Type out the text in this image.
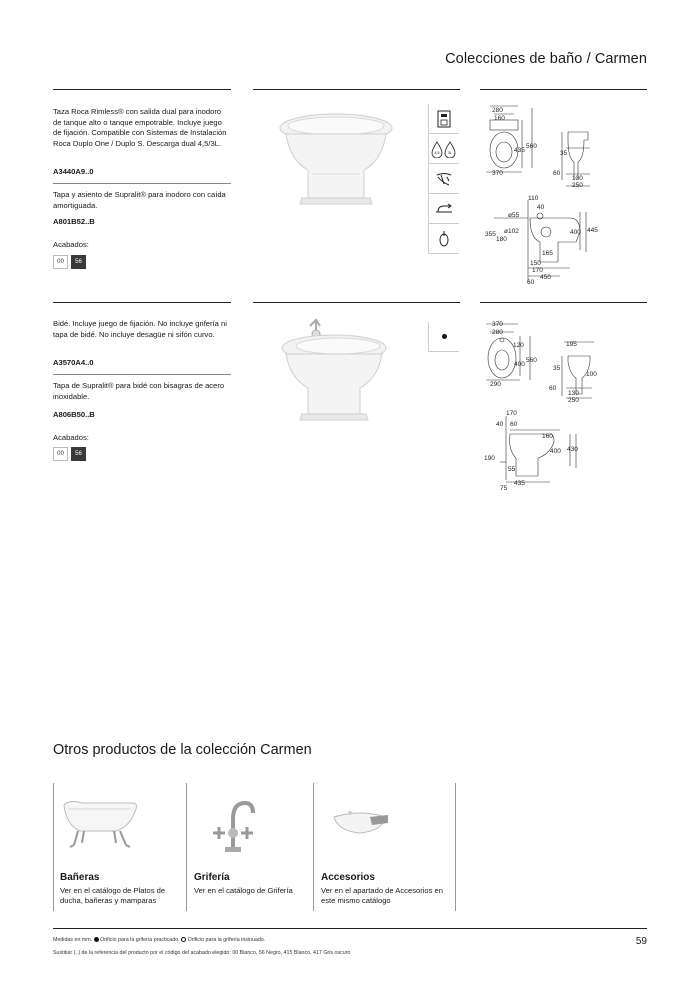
Colecciones de baño / Carmen
Taza Roca Rimless® con salida dual para inodoro de tanque alto o tanque empotrable. Incluye juego de fijación. Compatible con Sistemas de Instalación Roca Duplo One / Duplo S. Descarga dual 4,5/3L.
A3440A9..0
Tapa y asiento de Supralit® para inodoro con caída amortiguada.
A801B52..B
Acabados:
00	56
4,5 3L
280
160
435
560
370
35
60
130
250
110
40
ø55
ø102
355
180
400 445
165
150
170
450
60
Bidé. Incluye juego de fijación. No incluye grifería ni tapa de bidé. No incluye desagüe ni sifón curvo.
A3570A4..0
Tapa de Supralit® para bidé con bisagras de acero inoxidable.
A806B50..B
Acabados:
00	56
370
280
120
400
560
290
195
35
100
60
130
250
170
40 60
160
400 430
190
55
75
435
Otros productos de la colección Carmen
Bañeras
Ver en el catálogo de Platos de ducha, bañeras y mamparas
Grifería
Ver en el catálogo de Grifería
Accesorios
Ver en el apartado de Accesorios en este mismo catálogo
Medidas en mm. Orificio para la grifería practicado. Orificio para la grifería insinuado.
Sustituir (..) de la referencia del producto por el código del acabado elegido: 00 Blanco, 56 Negro, 415 Blanco, 417 Gris oscuro
59
